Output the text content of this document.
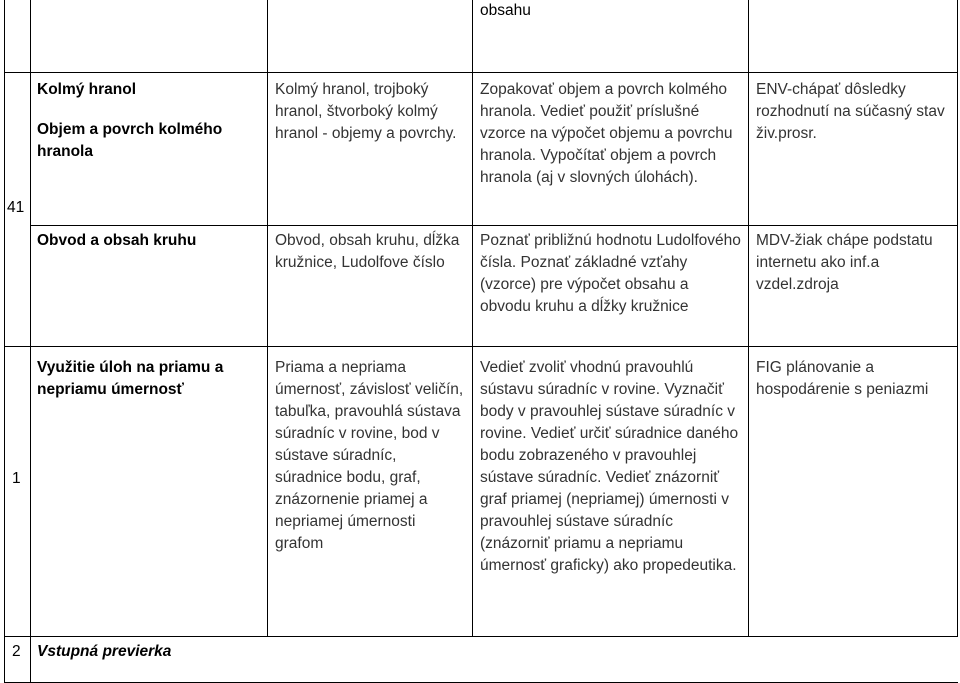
obsahu
41
Kolmý hranol
Objem a povrch kolmého hranola
Kolmý hranol, trojboký hranol, štvorboký kolmý hranol - objemy a povrchy.
Zopakovať objem a povrch kolmého hranola. Vedieť použiť príslušné vzorce na výpočet objemu a povrchu hranola. Vypočítať objem a povrch hranola (aj v slovných úlohách).
ENV-chápať dôsledky rozhodnutí na súčasný stav živ.prosr.
Obvod a obsah kruhu	Obvod, obsah kruhu, dĺžka kružnice, Ludolfove číslo
Poznať približnú hodnotu Ludolfového čísla. Poznať základné vzťahy (vzorce) pre výpočet obsahu a obvodu kruhu a dĺžky kružnice
MDV-žiak chápe podstatu internetu ako inf.a vzdel.zdroja
1
Využitie úloh na priamu a nepriamu úmernosť
Priama a nepriama úmernosť, závislosť veličín, tabuľka, pravouhlá sústava súradníc v rovine, bod v sústave súradníc, súradnice bodu, graf, znázornenie priamej a nepriamej úmernosti grafom
Vedieť zvoliť vhodnú pravouhlú sústavu súradníc v rovine. Vyznačiť body v pravouhlej sústave súradníc v rovine. Vedieť určiť súradnice daného bodu zobrazeného v pravouhlej sústave súradníc. Vedieť znázorniť graf priamej (nepriamej) úmernosti v pravouhlej sústave súradníc (znázorniť priamu a nepriamu úmernosť graficky) ako propedeutika.
FIG plánovanie a hospodárenie s peniazmi
2 Vstupná previerka
